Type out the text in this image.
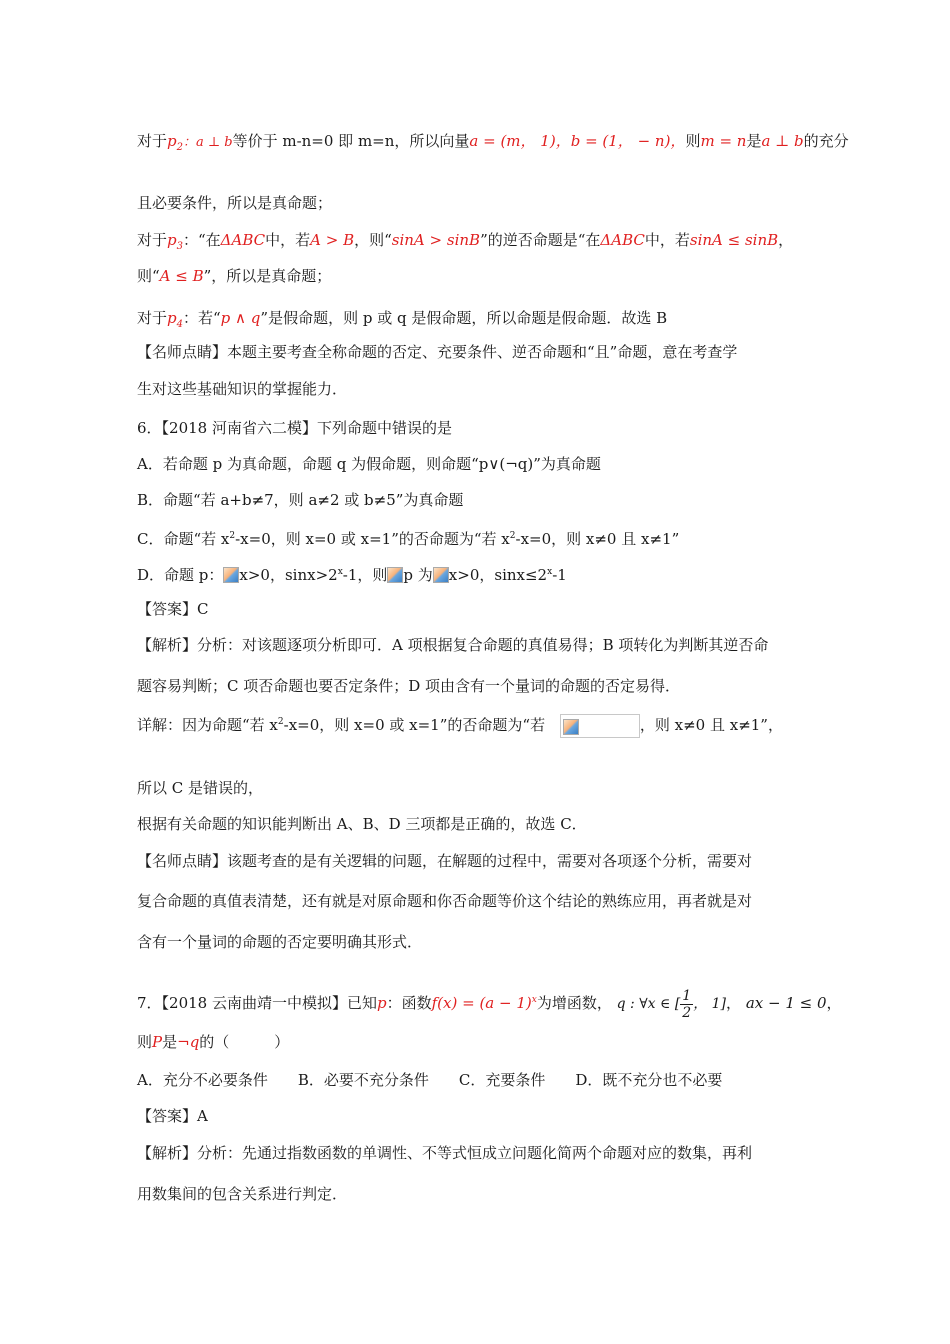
对于$p_2$：a ⊥ b等价于 m-n=0 即 m=n，所以向量a = (m， 1)，b = (1， − n)，则m = n是a ⊥ b的充分
且必要条件，所以是真命题；
对于$p_3$：“在ΔABC中，若A > B，则“sinA > sinB”的逆否命题是“在ΔABC中，若sinA ≤ sinB，
则“A ≤ B”，所以是真命题；
对于$p_4$：若“p ∧ q”是假命题，则 p 或 q 是假命题，所以命题是假命题．故选 B
【名师点睛】本题主要考查全称命题的否定、充要条件、逆否命题和“且”命题，意在考查学
生对这些基础知识的掌握能力．
6．【2018 河南省六二模】下列命题中错误的是
A．若命题 p 为真命题，命题 q 为假命题，则命题“p∨(¬q)”为真命题
B．命题“若 a+b≠7，则 a≠2 或 b≠5”为真命题
C．命题“若 $x^2-x=0$，则 x=0 或 x=1”的否命题为“若 $x^2-x=0$，则 x≠0 且 x≠1”
D．命题 p： x>0，$\sin x>2^x-1$，则 p 为 x>0，$\sin x\le 2^x-1$
【答案】C
【解析】分析：对该题逐项分析即可．A 项根据复合命题的真值易得；B 项转化为判断其逆否命
题容易判断；C 项否命题也要否定条件；D 项由含有一个量词的命题的否定易得．
详解：因为命题“若 $x^2-x=0$，则 x=0 或 x=1”的否命题为“若	，则 x≠0 且 x≠1”，
所以 C 是错误的，
根据有关命题的知识能判断出 A、B、D 三项都是正确的，故选 C．
【名师点睛】该题考查的是有关逻辑的问题，在解题的过程中，需要对各项逐个分析，需要对
复合命题的真值表清楚，还有就是对原命题和你否命题等价这个结论的熟练应用，再者就是对
含有一个量词的命题的否定要明确其形式．
7．【2018 云南曲靖一中模拟】已知p：函数$f(x) = (a - 1)^x$为增函数， q : ∀x ∈ [ $\frac{1}{2}$ ， 1]， ax − 1 ≤ 0，
则P是¬q的（　　　）
A．充分不必要条件　　B．必要不充分条件　　C．充要条件　　D．既不充分也不必要
【答案】A
【解析】分析：先通过指数函数的单调性、不等式恒成立问题化简两个命题对应的数集，再利
用数集间的包含关系进行判定．
